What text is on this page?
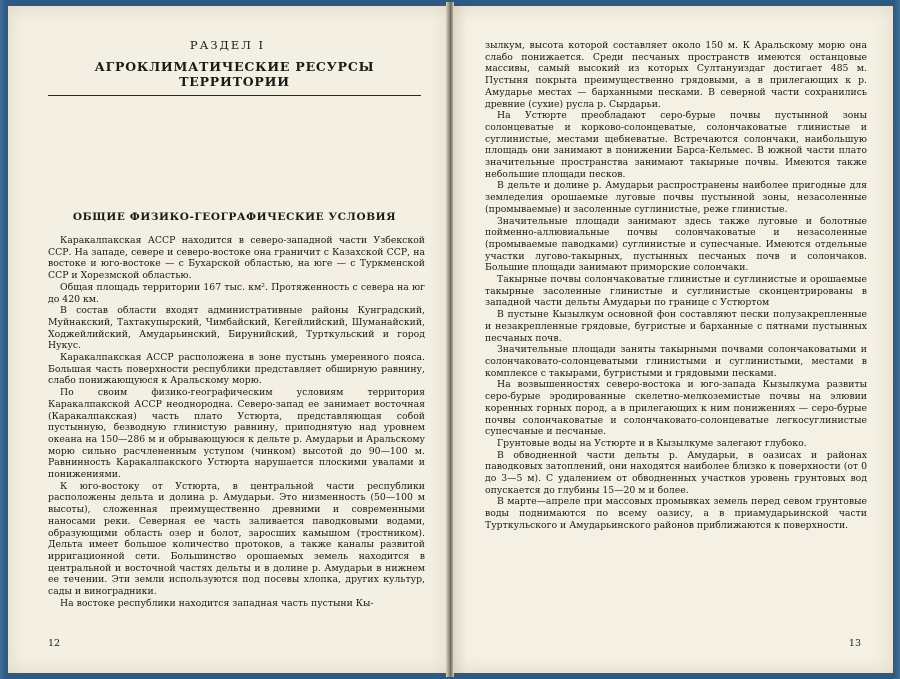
РАЗДЕЛ I
АГРОКЛИМАТИЧЕСКИЕ РЕСУРСЫ ТЕРРИТОРИИ
ОБЩИЕ ФИЗИКО-ГЕОГРАФИЧЕСКИЕ УСЛОВИЯ

Каракалпакская АССР находится в северо-западной части Узбекской ССР. На западе, севере и северо-востоке она граничит с Казахской ССР, на востоке и юго-востоке — с Бухарской областью, на юге — с Туркменской ССР и Хорезмской областью.

Общая площадь территории 167 тыс. км². Протяженность с севера на юг до 420 км.

В состав области входят административные районы Кунградский, Муйнакский, Тахтакупырский, Чимбайский, Кегейлийский, Шуманайский, Ходжейлийский, Амударьинский, Бирунийский, Турткульский и город Нукус.

Каракалпакская АССР расположена в зоне пустынь умеренного пояса. Большая часть поверхности республики представляет обширную равнину, слабо понижающуюся к Аральскому морю.

По своим физико-географическим условиям территория Каракалпакской АССР неоднородна. Северо-запад ее занимает восточная (Каракалпакская) часть плато Устюрта, представляющая собой пустынную, безводную глинистую равнину, приподнятую над уровнем океана на 150—286 м и обрывающуюся к дельте р. Амударьи и Аральскому морю сильно расчлененным уступом (чинком) высотой до 90—100 м. Равнинность Каракалпакского Устюрта нарушается плоскими увалами и понижениями.

К юго-востоку от Устюрта, в центральной части республики расположены дельта и долина р. Амударьи. Это низменность (50—100 м высоты), сложенная преимущественно древними и современными наносами реки. Северная ее часть заливается паводковыми водами, образующими область озер и болот, заросших камышом (тростником). Дельта имеет большое количество протоков, а также каналы развитой ирригационной сети. Большинство орошаемых земель находится в центральной и восточной частях дельты и в долине р. Амударьи в нижнем ее течении. Эти земли используются под посевы хлопка, других культур, сады и виноградники.

На востоке республики находится западная часть пустыни Кы-

12

зылкум, высота которой составляет около 150 м. К Аральскому морю она слабо понижается. Среди песчаных пространств имеются останцовые массивы, самый высокий из которых Султануиздаг достигает 485 м. Пустыня покрыта преимущественно грядовыми, а в прилегающих к р. Амударье местах — барханными песками. В северной части сохранились древние (сухие) русла р. Сырдарьи.

На Устюрте преобладают серо-бурые почвы пустынной зоны солонцеватые и корково-солонцеватые, солончаковатые глинистые и суглинистые, местами щебневатые. Встречаются солончаки, наибольшую площадь они занимают в понижении Барса-Кельмес. В южной части плато значительные пространства занимают такырные почвы. Имеются также небольшие площади песков.

В дельте и долине р. Амударьи распространены наиболее пригодные для земледелия орошаемые луговые почвы пустынной зоны, незасоленные (промываемые) и засоленные суглинистые, реже глинистые.

Значительные площади занимают здесь также луговые и болотные пойменно-аллювиальные почвы солончаковатые и незасоленные (промываемые паводками) суглинистые и супесчаные. Имеются отдельные участки лугово-такырных, пустынных песчаных почв и солончаков. Большие площади занимают приморские солончаки.

Такырные почвы солончаковатые глинистые и суглинистые и орошаемые такырные засоленные глинистые и суглинистые сконцентрированы в западной части дельты Амударьи по границе с Устюртом

В пустыне Кызылкум основной фон составляют пески полузакрепленные и незакрепленные грядовые, бугристые и барханные с пятнами пустынных песчаных почв.

Значительные площади заняты такырными почвами солончаковатыми и солончаковато-солонцеватыми глинистыми и суглинистыми, местами в комплексе с такырами, бугристыми и грядовыми песками.

На возвышенностях северо-востока и юго-запада Кызылкума развиты серо-бурые эродированные скелетно-мелкоземистые почвы на элювии коренных горных пород, а в прилегающих к ним понижениях — серо-бурые почвы солончаковатые и солончаковато-солонцеватые легкосуглинистые супесчаные и песчаные.

Грунтовые воды на Устюрте и в Кызылкуме залегают глубоко.

В обводненной части дельты р. Амударьи, в оазисах и районах паводковых затоплений, они находятся наиболее близко к поверхности (от 0 до 3—5 м). С удалением от обводненных участков уровень грунтовых вод опускается до глубины 15—20 м и более.

В марте—апреле при массовых промывках земель перед севом грунтовые воды поднимаются по всему оазису, а в приамударьинской части Турткульского и Амударьинского районов приближаются к поверхности.

13
